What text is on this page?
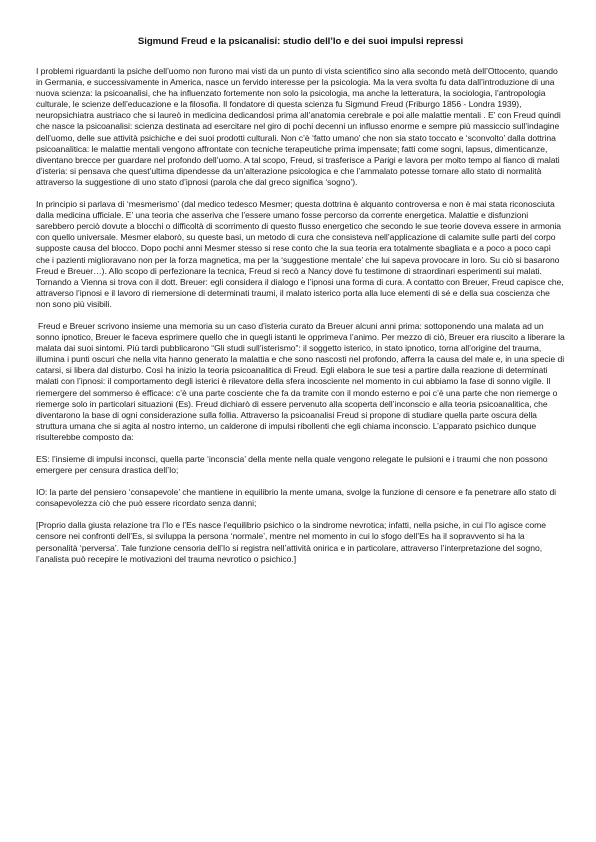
Sigmund Freud e la psicanalisi: studio dell’Io e dei suoi impulsi repressi

I problemi riguardanti la psiche dell’uomo non furono mai visti da un punto di vista scientifico sino alla secondo metà dell’Ottocento, quando in Germania, e successivamente in America, nasce un fervido interesse per la psicologia. Ma la vera svolta fu data dall’introduzione di una nuova scienza: la psicoanalisi, che ha influenzato fortemente non solo la psicologia, ma anche la letteratura, la sociologia, l’antropologia culturale, le scienze dell’educazione e la filosofia. Il fondatore di questa scienza fu Sigmund Freud (Friburgo 1856 - Londra 1939), neuropsichiatra austriaco che si laureò in medicina dedicandosi prima all’anatomia cerebrale e poi alle malattie mentali . E’ con Freud quindi che nasce la psicoanalisi: scienza destinata ad esercitare nel giro di pochi decenni un influsso enorme e sempre più massiccio sull’indagine dell’uomo, delle sue attività psichiche e dei suoi prodotti culturali. Non c’è ‘fatto umano’ che non sia stato toccato e ‘sconvolto’ dalla dottrina psicoanalitica: le malattie mentali vengono affrontate con tecniche terapeutiche prima impensate; fatti come sogni, lapsus, dimenticanze, diventano brecce per guardare nel profondo dell’uomo. A tal scopo, Freud, si trasferisce a Parigi e lavora per molto tempo al fianco di malati d’isteria: si pensava che quest’ultima dipendesse da un’alterazione psicologica e che l’ammalato potesse tornare allo stato di normalità attraverso la suggestione di uno stato d’ipnosi (parola che dal greco significa ‘sogno’).

In principio si parlava di ‘mesmerismo’ (dal medico tedesco Mesmer; questa dottrina è alquanto controversa e non è mai stata riconosciuta dalla medicina ufficiale. E’ una teoria che asseriva che l’essere umano fosse percorso da corrente energetica. Malattie e disfunzioni sarebbero perciò dovute a blocchi o difficoltà di scorrimento di questo flusso energetico che secondo le sue teorie doveva essere in armonia con quello universale. Mesmer elaborò, su queste basi, un metodo di cura che consisteva nell’applicazione di calamite sulle parti del corpo supposte causa del blocco. Dopo pochi anni Mesmer stesso si rese conto che la sua teoria era totalmente sbagliata e a poco a poco capì che i pazienti miglioravano non per la forza magnetica, ma per la ‘suggestione mentale’ che lui sapeva provocare in loro. Su ciò si basarono Freud e Breuer…). Allo scopo di perfezionare la tecnica, Freud si recò a Nancy dove fu testimone di straordinari esperimenti sui malati. Tornando a Vienna si trova con il dott. Breuer: egli considera il dialogo e l’ipnosi una forma di cura. A contatto con Breuer, Freud capisce che, attraverso l’ipnosi e il lavoro di riemersione di determinati traumi, il malato isterico porta alla luce elementi di sé e della sua coscienza che non sono più visibili.

Freud e Breuer scrivono insieme una memoria su un caso d’isteria curato da Breuer alcuni anni prima: sottoponendo una malata ad un sonno ipnotico, Breuer le faceva esprimere quello che in quegli istanti le opprimeva l’animo. Per mezzo di ciò, Breuer era riuscito a liberare la malata dai suoi sintomi. Più tardi pubblicarono “Gli studi sull’isterismo”: il soggetto isterico, in stato ipnotico, torna all’origine del trauma, illumina i punti oscuri che nella vita hanno generato la malattia e che sono nascosti nel profondo, afferra la causa del male e, in una specie di catarsi, si libera dal disturbo. Così ha inizio la teoria psicoanalitica di Freud. Egli elabora le sue tesi a partire dalla reazione di determinati malati con l’ipnosi: il comportamento degli isterici è rilevatore della sfera incosciente nel momento in cui abbiamo la fase di sonno vigile. Il riemergere del sommerso è efficace: c’è una parte cosciente che fa da tramite con il mondo esterno e poi c’è una parte che non riemerge o riemerge solo in particolari situazioni (Es). Freud dichiarò di essere pervenuto alla scoperta dell’inconscio e alla teoria psicoanalitica, che diventarono la base di ogni considerazione sulla follia. Attraverso la psicoanalisi Freud si propone di studiare quella parte oscura della struttura umana che si agita al nostro interno, un calderone di impulsi ribollenti che egli chiama inconscio. L’apparato psichico dunque risulterebbe composto da:

ES: l’insieme di impulsi inconsci, quella parte ‘inconscia’ della mente nella quale vengono relegate le pulsioni e i traumi che non possono emergere per censura drastica dell’Io;

IO: la parte del pensiero ‘consapevole’ che mantiene in equilibrio la mente umana, svolge la funzione di censore e fa penetrare allo stato di consapevolezza ciò che può essere ricordato senza danni;

[Proprio dalla giusta relazione tra l’Io e l’Es nasce l’equilibrio psichico o la sindrome nevrotica; infatti, nella psiche, in cui l’Io agisce come censore nei confronti dell’Es, si sviluppa la persona ‘normale’, mentre nel momento in cui lo sfogo dell’Es ha il sopravvento si ha la personalità ‘perversa’. Tale funzione censoria dell’Io si registra nell’attività onirica e in particolare, attraverso l’interpretazione del sogno, l’analista può recepire le motivazioni del trauma nevrotico o psichico.]
